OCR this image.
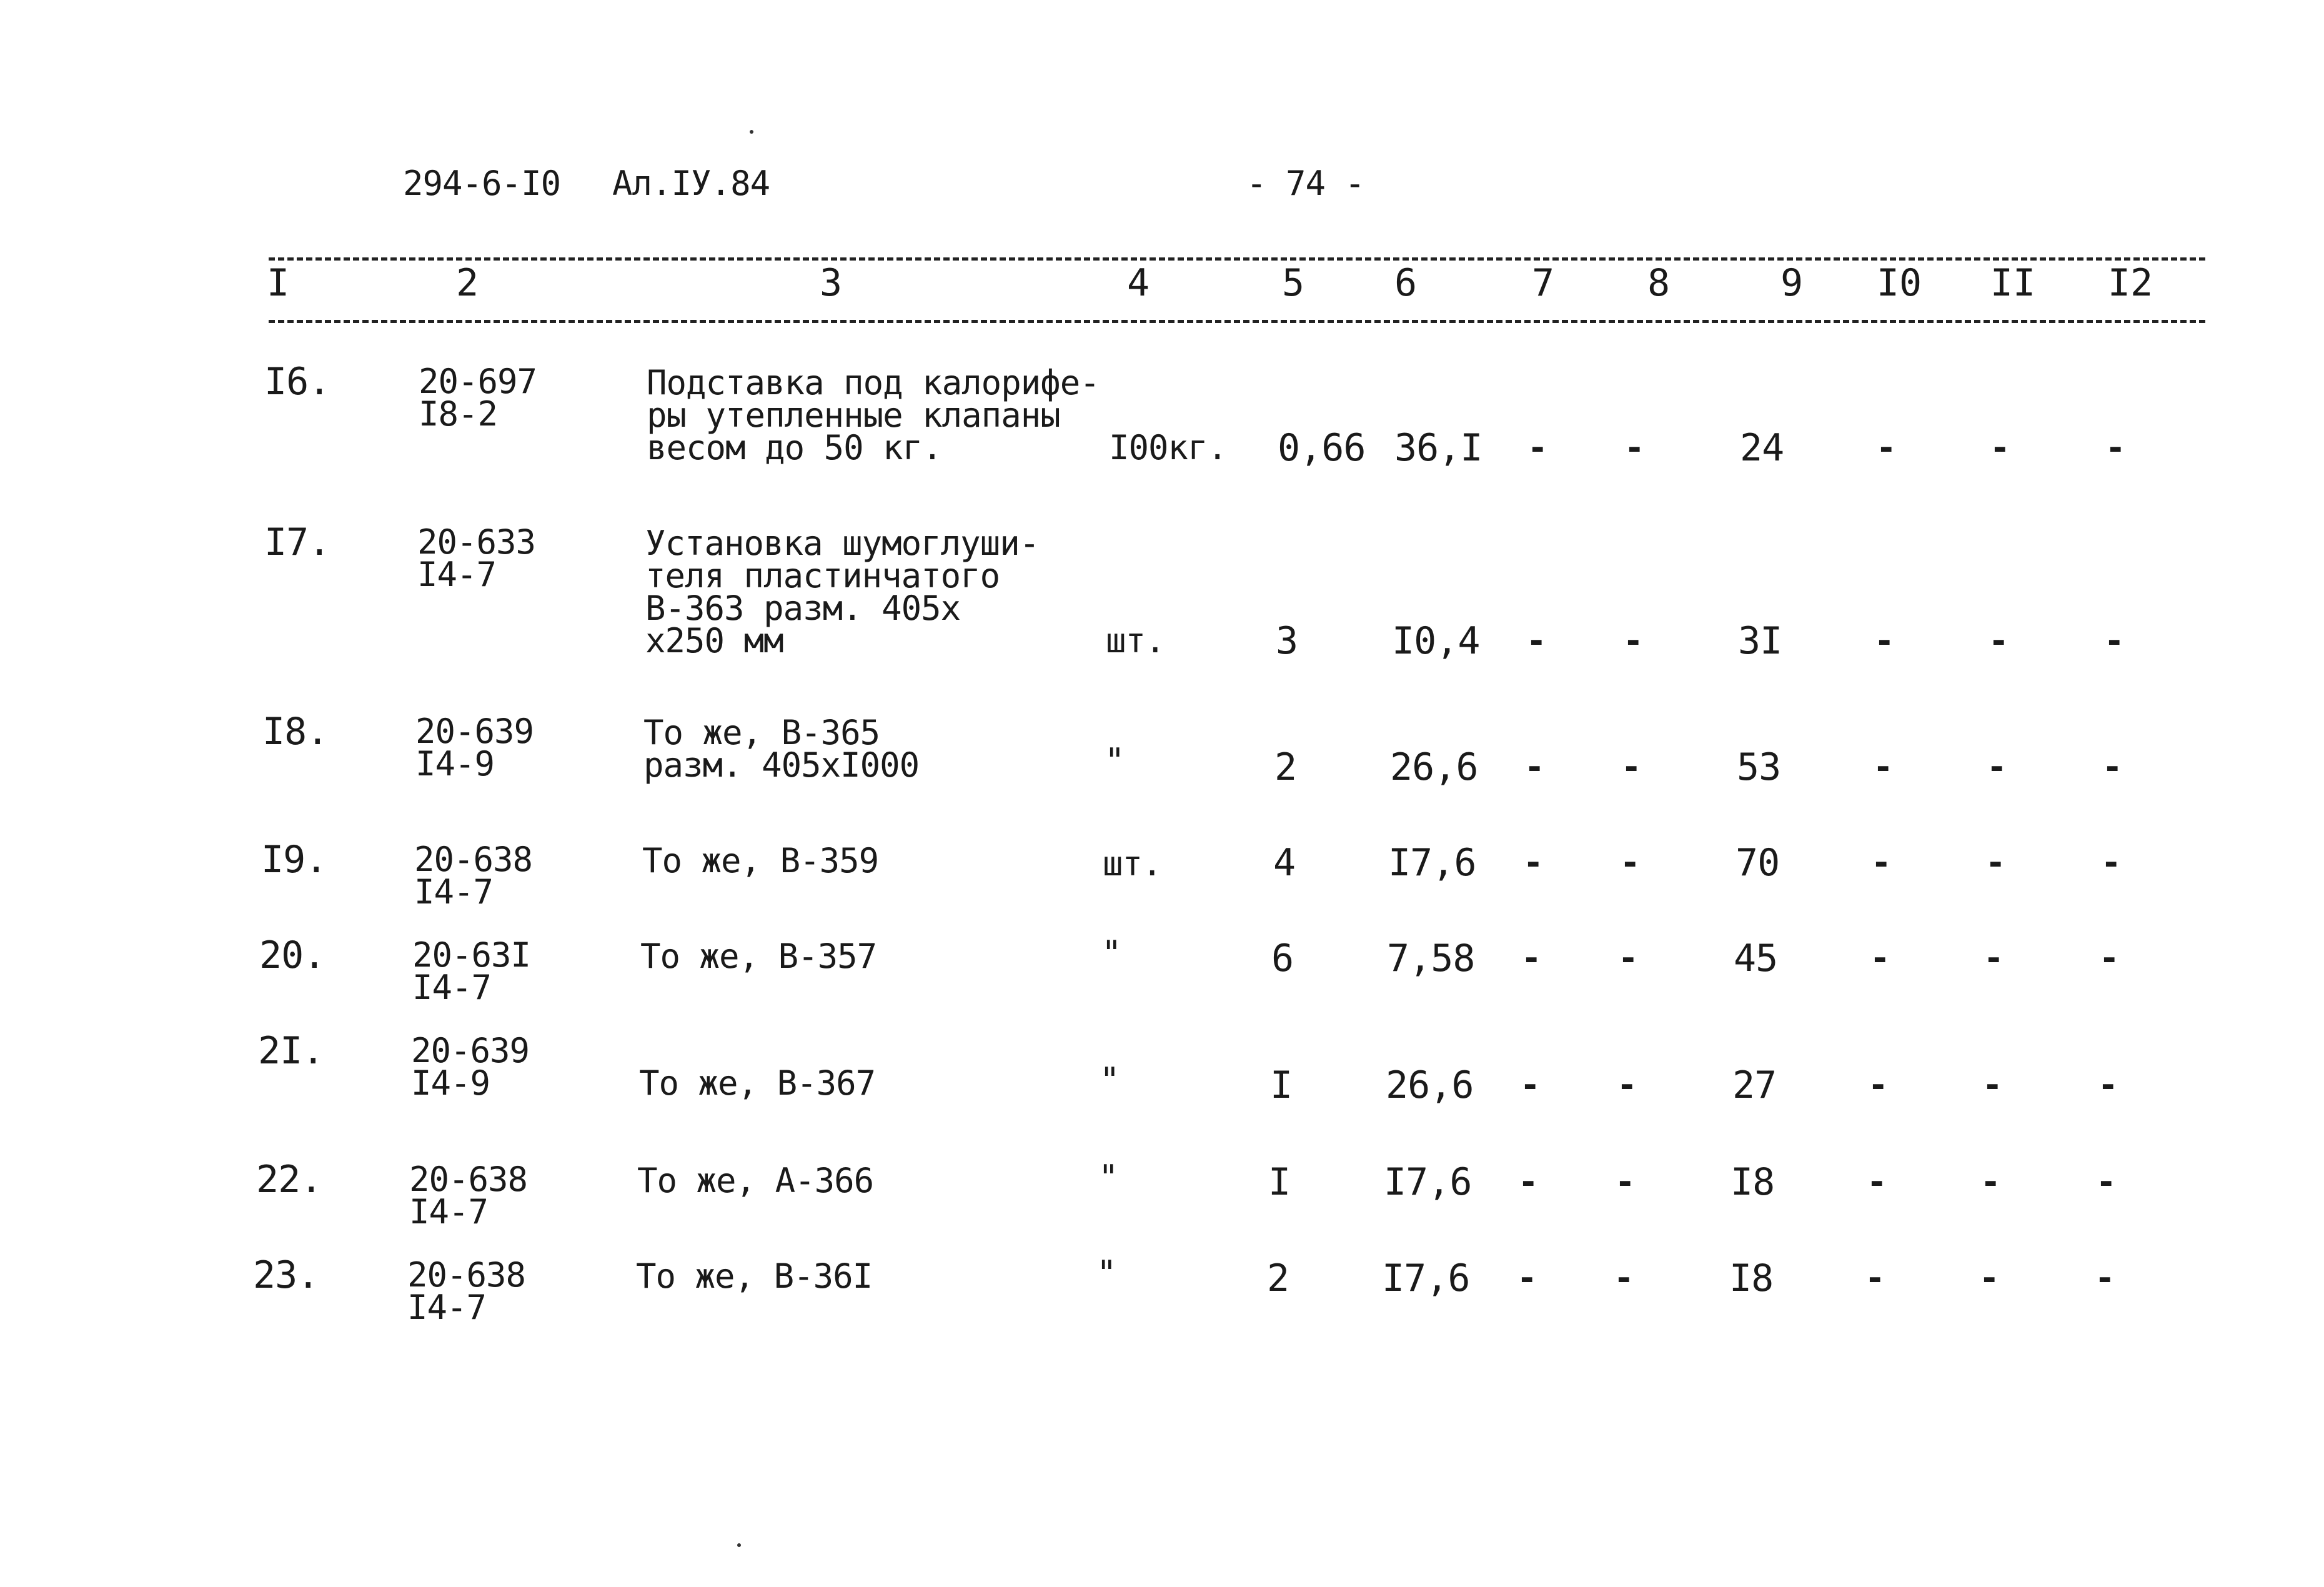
294-6-I0 Ал.IУ.84	- 74 -
I	2	3	4	5 6	7 8	9 I0 II I2
I6.	20-697
I8-2
Подставка под калорифе-
ры утепленные клапаны
весом до 50 кг.	I00кг. 0,66 36,I - -	24	-	-	-
I7.	20-633
I4-7
Установка шумоглуши-
теля пластинчатого
В-363 разм. 405х
х250 мм	шт.	3	I0,4 - -	3I	-	-	-
I8.	20-639
I4-9
То же, В-365
разм. 405хI000	"	2 26,6 - -	53	-	-	-
I9.	20-638
I4-7
То же, В-359	шт.	4 I7,6 - -	70	-	-	-
20.	20-63I
I4-7
То же, В-357	"	6 7,58 - -	45	-	-	-
2I.	20-639
I4-9	То же, В-367	"	I 26,6 - -	27	-	-	-
22.	20-638
I4-7
То же, А-366	"	I I7,6 - -	I8	-	-	-
23.	20-638
I4-7
То же, В-36I	"	2 I7,6 - -	I8	-	-	-
